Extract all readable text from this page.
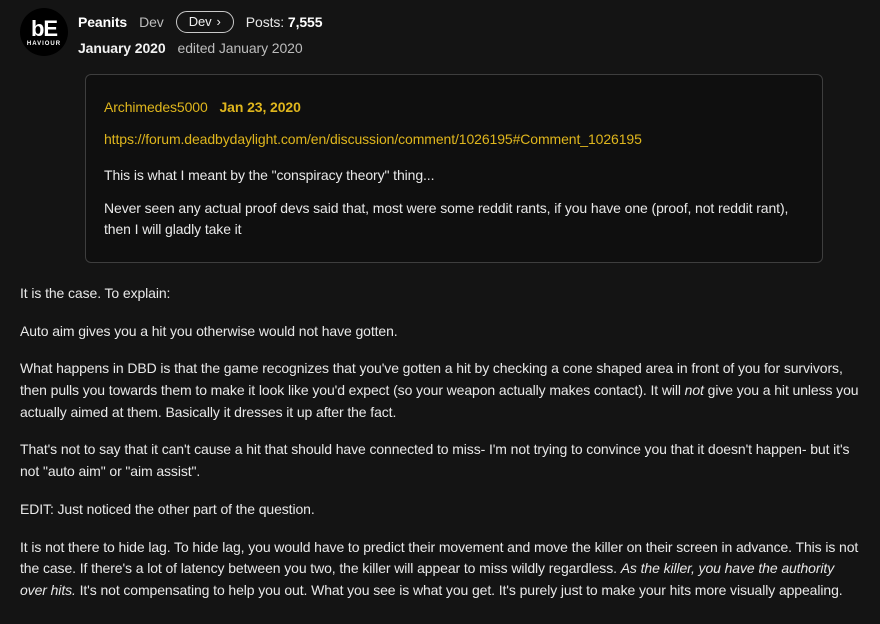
bE
HAVIOUR
Peanits Dev Dev › Posts: 7,555
January 2020 edited January 2020
Archimedes5000 Jan 23, 2020
https://forum.deadbydaylight.com/en/discussion/comment/1026195#Comment_1026195

This is what I meant by the "conspiracy theory" thing...

Never seen any actual proof devs said that, most were some reddit rants, if you have one (proof, not reddit rant), then I will gladly take it

It is the case. To explain:

Auto aim gives you a hit you otherwise would not have gotten.

What happens in DBD is that the game recognizes that you've gotten a hit by checking a cone shaped area in front of you for survivors, then pulls you towards them to make it look like you'd expect (so your weapon actually makes contact). It will not give you a hit unless you actually aimed at them. Basically it dresses it up after the fact.

That's not to say that it can't cause a hit that should have connected to miss- I'm not trying to convince you that it doesn't happen- but it's not "auto aim" or "aim assist".

EDIT: Just noticed the other part of the question.

It is not there to hide lag. To hide lag, you would have to predict their movement and move the killer on their screen in advance. This is not the case. If there's a lot of latency between you two, the killer will appear to miss wildly regardless. As the killer, you have the authority over hits. It's not compensating to help you out. What you see is what you get. It's purely just to make your hits more visually appealing.
